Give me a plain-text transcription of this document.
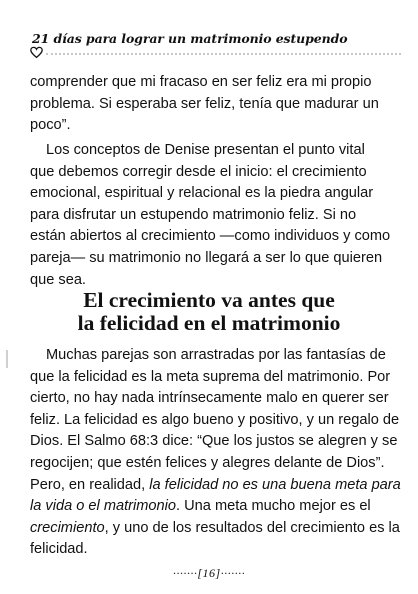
21 días para lograr un matrimonio estupendo

comprender que mi fracaso en ser feliz era mi propio
problema. Si esperaba ser feliz, tenía que madurar un
poco”.

Los conceptos de Denise presentan el punto vital
que debemos corregir desde el inicio: el crecimiento
emocional, espiritual y relacional es la piedra angular
para disfrutar un estupendo matrimonio feliz. Si no
están abiertos al crecimiento —como individuos y como
pareja— su matrimonio no llegará a ser lo que quieren
que sea.

El crecimiento va antes que
la felicidad en el matrimonio

Muchas parejas son arrastradas por las fantasías de
que la felicidad es la meta suprema del matrimonio. Por
cierto, no hay nada intrínsecamente malo en querer ser
feliz. La felicidad es algo bueno y positivo, y un regalo de
Dios. El Salmo 68:3 dice: “Que los justos se alegren y se
regocijen; que estén felices y alegres delante de Dios”.
Pero, en realidad, la felicidad no es una buena meta para
la vida o el matrimonio. Una meta mucho mejor es el
crecimiento, y uno de los resultados del crecimiento es la
felicidad.

·······[16]·······
